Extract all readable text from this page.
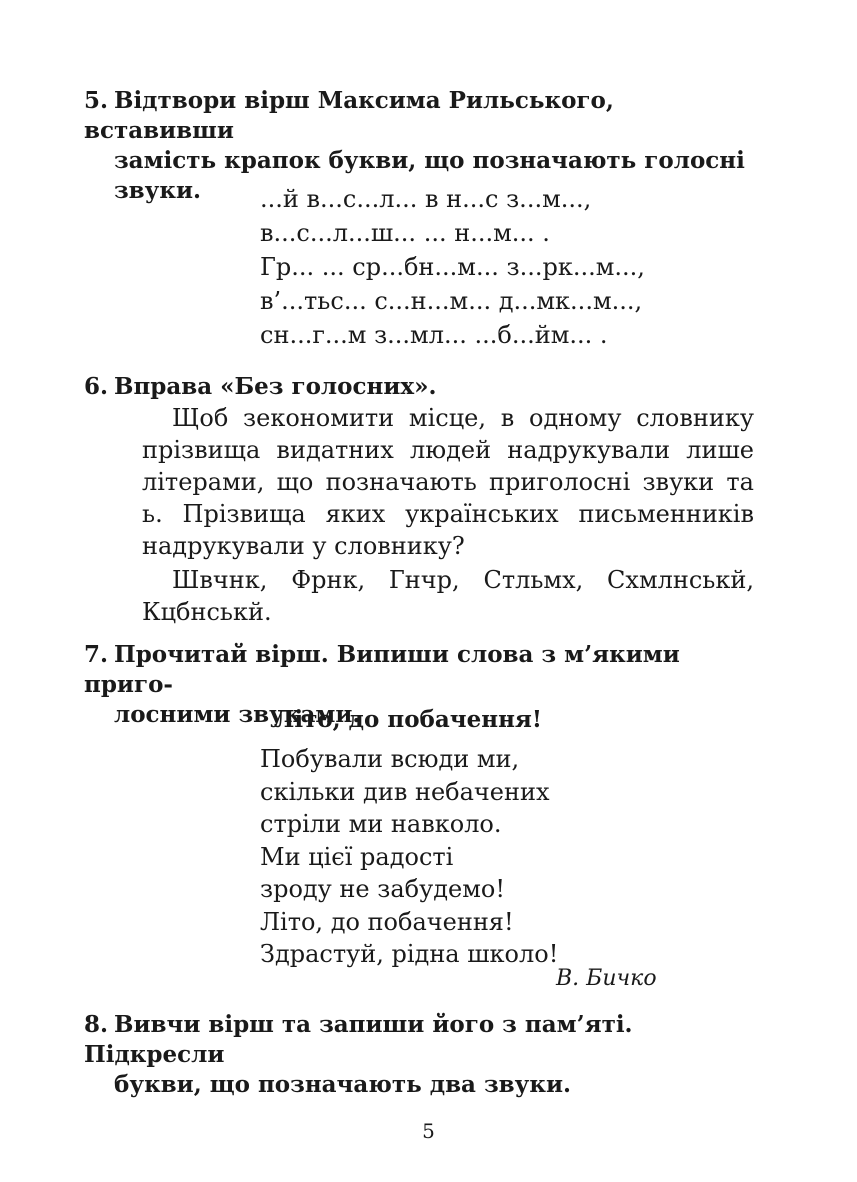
5. Відтвори вірш Максима Рильського, вставивши
замість крапок букви, що позначають голосні
звуки.	...й в...с...л... в н...с з...м...,
в...с...л...ш... ... н...м... .
Гр... ... ср...бн...м... з...рк...м...,
в’...тьс... с...н...м... д...мк...м...,
сн...г...м з...мл... ...б...йм... .
6. Вправа «Без голосних».
Щоб зекономити місце, в одному словнику прізвища видатних людей надрукували лише літерами, що позначають приголосні звуки та ь. Прізвища яких українських письменників надрукували у словнику?
Швчнк, Фрнк, Гнчр, Стльмх, Схмлнськй, Кцбнськй.
7. Прочитай вірш. Випиши слова з м’якими приго-
лосними звуками.
Літо, до побачення!
Побували всюди ми,
скільки див небачених
стріли ми навколо.
Ми цієї радості
зроду не забудемо!
Літо, до побачення!
Здрастуй, рідна школо!
В. Бичко
8. Вивчи вірш та запиши його з пам’яті. Підкресли
букви, що позначають два звуки.
5
